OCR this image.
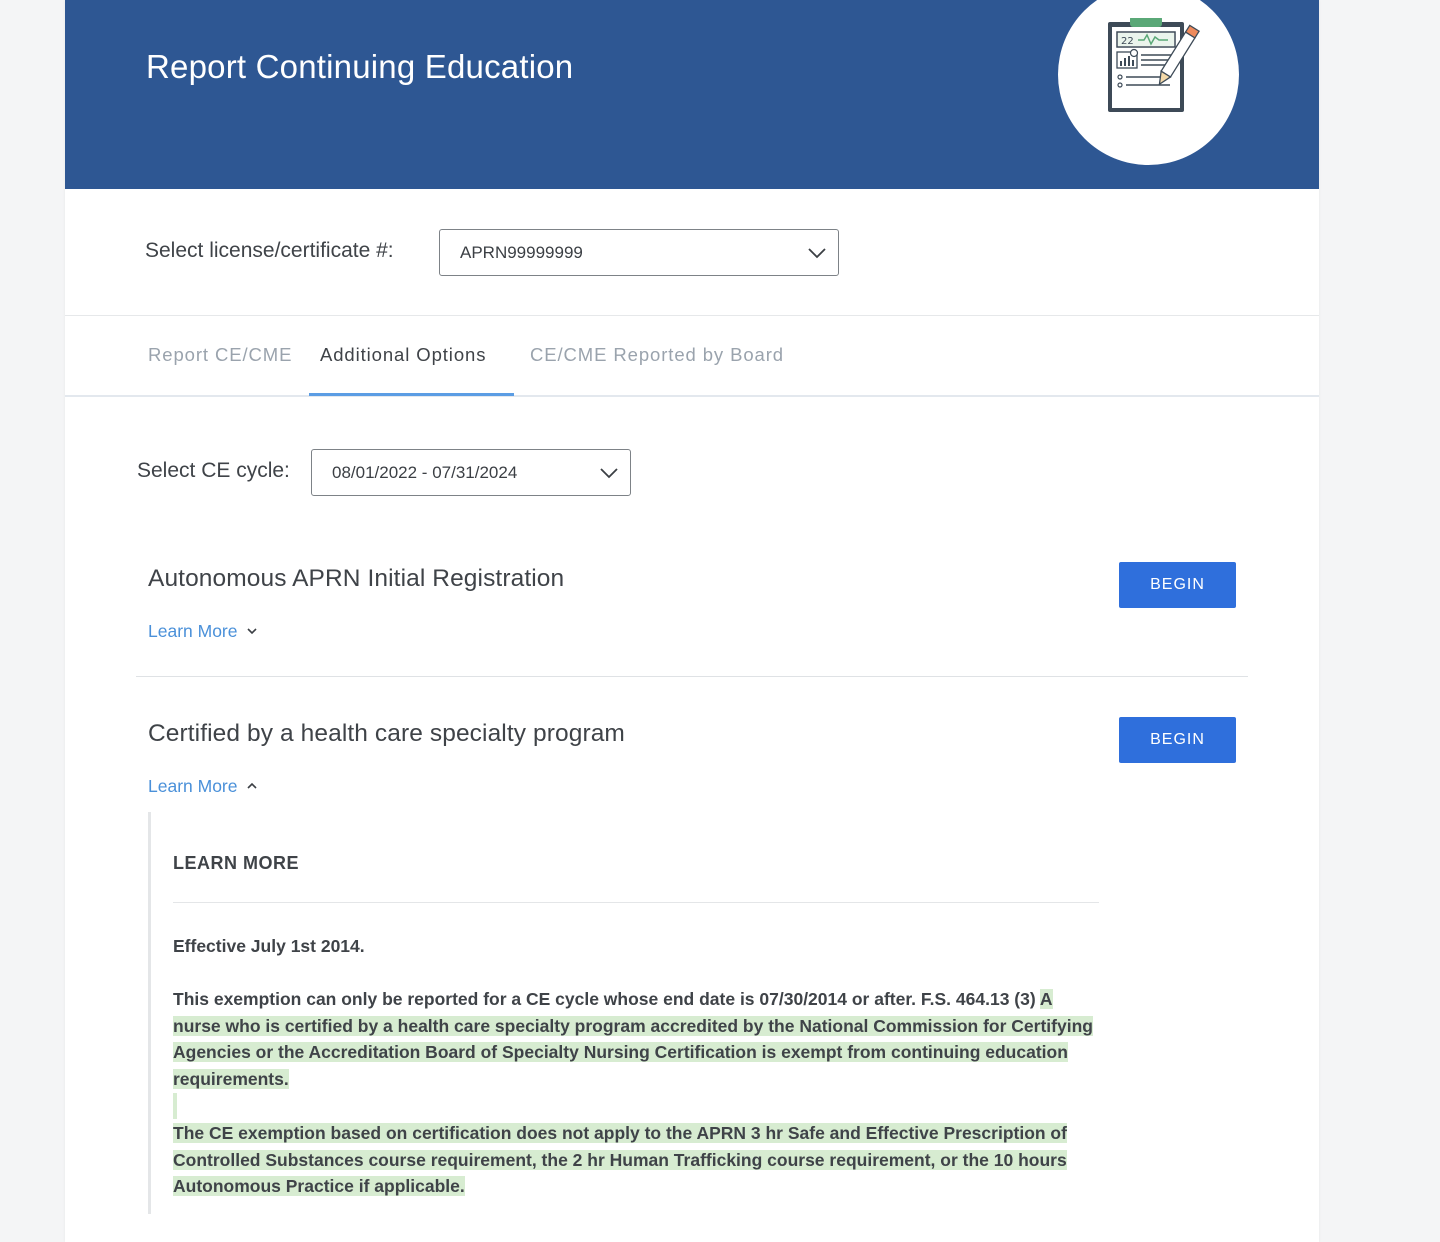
Report Continuing Education
22
Select license/certificate #:	APRN99999999
Report CE/CME Additional Options CE/CME Reported by Board
Select CE cycle:	08/01/2022 - 07/31/2024
Autonomous APRN Initial Registration
Learn More
BEGIN
Certified by a health care specialty program
Learn More
BEGIN
LEARN MORE
Effective July 1st 2014.
This exemption can only be reported for a CE cycle whose end date is 07/30/2014 or after. F.S. 464.13 (3) A nurse who is certified by a health care specialty program accredited by the National Commission for Certifying Agencies or the Accreditation Board of Specialty Nursing Certification is exempt from continuing education requirements.
The CE exemption based on certification does not apply to the APRN 3 hr Safe and Effective Prescription of Controlled Substances course requirement, the 2 hr Human Trafficking course requirement, or the 10 hours Autonomous Practice if applicable.
